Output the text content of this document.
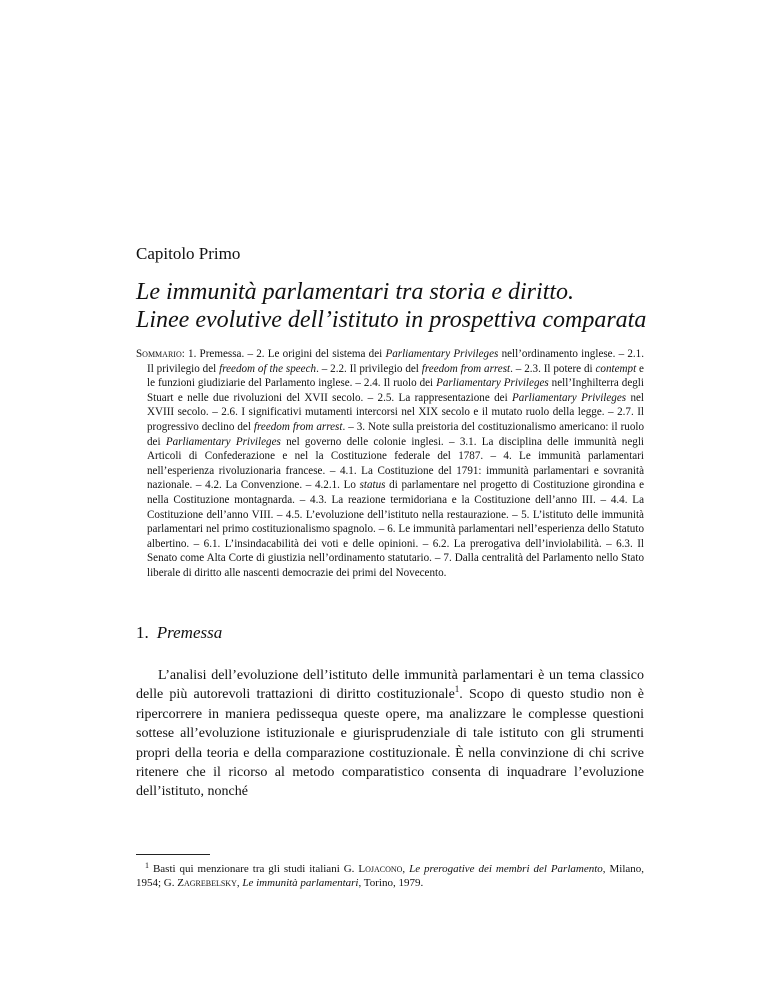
Capitolo Primo
Le immunità parlamentari tra storia e diritto.
Linee evolutive dell’istituto in prospettiva comparata

Sommario: 1. Premessa. – 2. Le origini del sistema dei Parliamentary Privileges nell’ordinamento inglese. – 2.1. Il privilegio del freedom of the speech. – 2.2. Il privilegio del freedom from arrest. – 2.3. Il potere di contempt e le funzioni giudiziarie del Parlamento inglese. – 2.4. Il ruolo dei Parliamentary Privileges nell’Inghilterra degli Stuart e nelle due rivoluzioni del XVII secolo. – 2.5. La rappresentazione dei Parliamentary Privileges nel XVIII secolo. – 2.6. I significativi mutamenti intercorsi nel XIX secolo e il mutato ruolo della legge. – 2.7. Il progressivo declino del freedom from arrest. – 3. Note sulla preistoria del costituzionalismo americano: il ruolo dei Parliamentary Privileges nel governo delle colonie inglesi. – 3.1. La disciplina delle immunità negli Articoli di Confederazione e nel la Costituzione federale del 1787. – 4. Le immunità parlamentari nell’esperienza rivoluzionaria francese. – 4.1. La Costituzione del 1791: immunità parlamentari e sovranità nazionale. – 4.2. La Convenzione. – 4.2.1. Lo status di parlamentare nel progetto di Costituzione girondina e nella Costituzione montagnarda. – 4.3. La reazione termidoriana e la Costituzione dell’anno III. – 4.4. La Costituzione dell’anno VIII. – 4.5. L’evoluzione dell’istituto nella restaurazione. – 5. L’istituto delle immunità parlamentari nel primo costituzionalismo spagnolo. – 6. Le immunità parlamentari nell’esperienza dello Statuto albertino. – 6.1. L’insindacabilità dei voti e delle opinioni. – 6.2. La prerogativa dell’inviolabilità. – 6.3. Il Senato come Alta Corte di giustizia nell’ordinamento statutario. – 7. Dalla centralità del Parlamento nello Stato liberale di diritto alle nascenti democrazie dei primi del Novecento.

1. Premessa

L’analisi dell’evoluzione dell’istituto delle immunità parlamentari è un tema classico delle più autorevoli trattazioni di diritto costituzionale$^1$. Scopo di questo studio non è ripercorrere in maniera pedissequa queste opere, ma analizzare le complesse questioni sottese all’evoluzione istituzionale e giurisprudenziale di tale istituto con gli strumenti propri della teoria e della comparazione costituzionale. È nella convinzione di chi scrive ritenere che il ricorso al metodo comparatistico consenta di inquadrare l’evoluzione dell’istituto, nonché

$^1$ Basti qui menzionare tra gli studi italiani G. Lojacono, Le prerogative dei membri del Parlamento, Milano, 1954; G. Zagrebelsky, Le immunità parlamentari, Torino, 1979.
